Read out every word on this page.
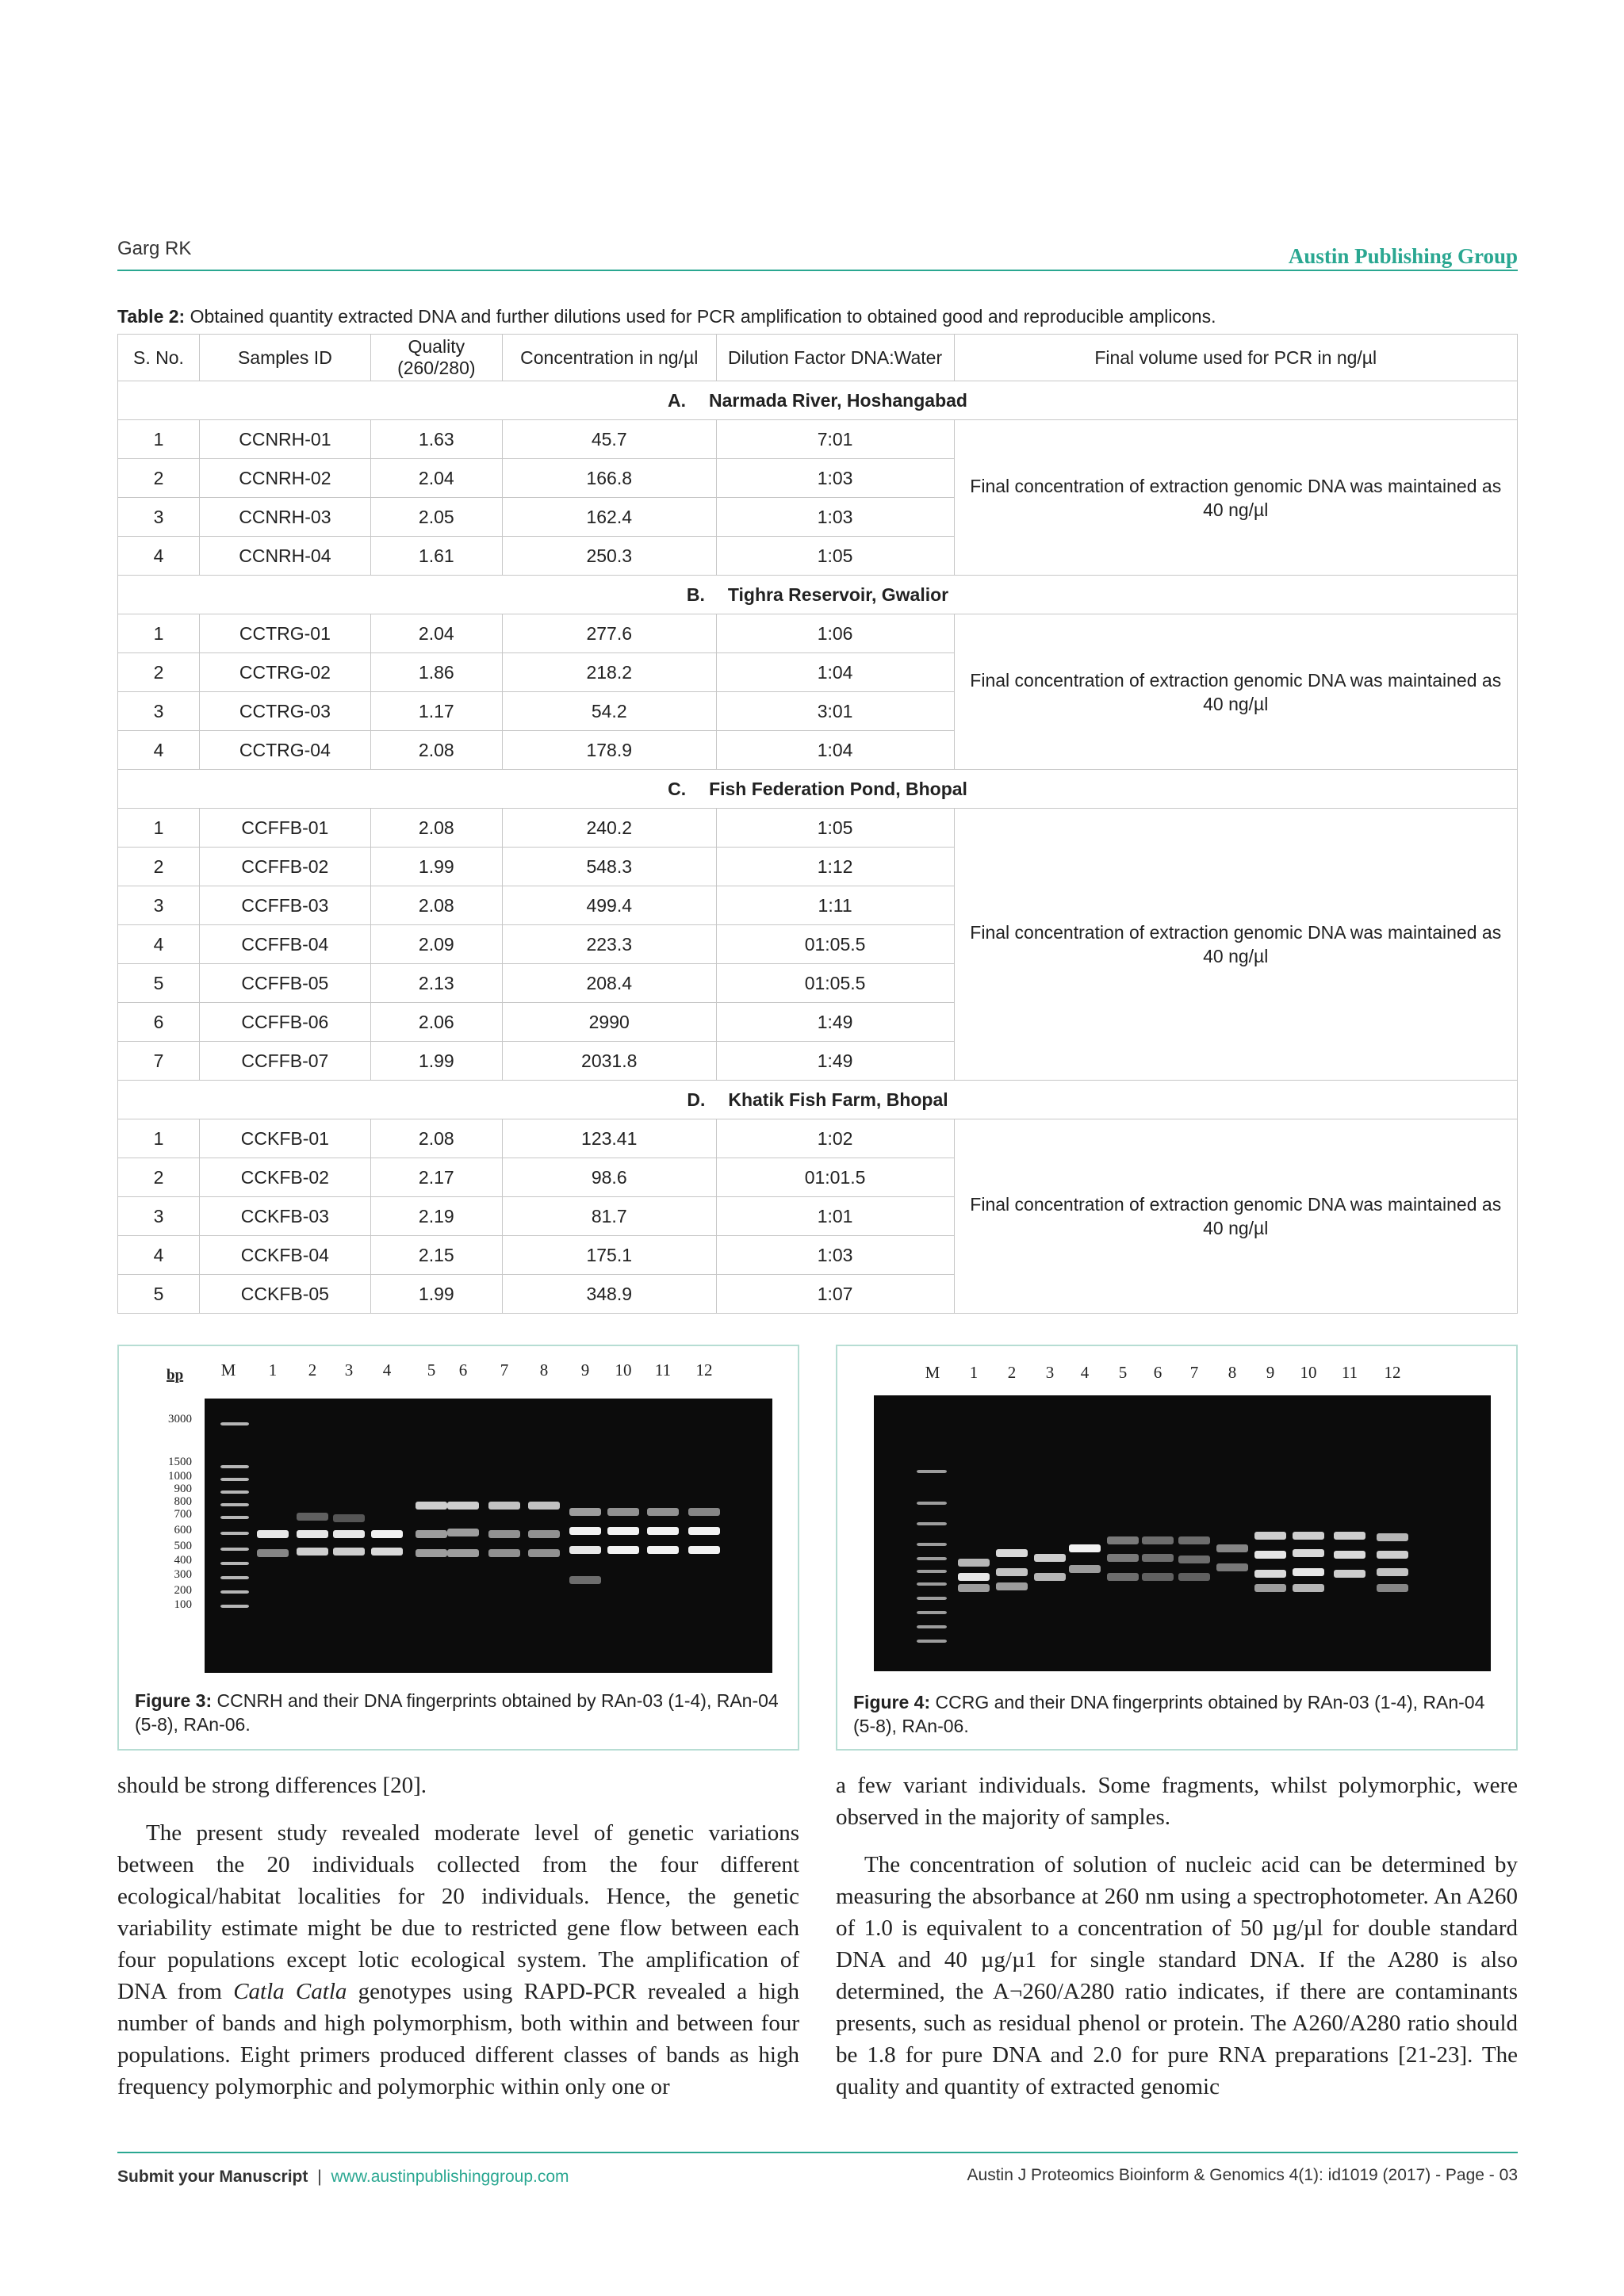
Garg RK	Austin Publishing Group
Table 2: Obtained quantity extracted DNA and further dilutions used for PCR amplification to obtained good and reproducible amplicons.
S. No.	Samples ID	Quality (260/280)	Concentration in ng/µl	Dilution Factor DNA:Water	Final volume used for PCR in ng/µl
A. Narmada River, Hoshangabad					
1	CCNRH-01	1.63	45.7	7:01	Final concentration of extraction genomic DNA was maintained as 40 ng/µl
2	CCNRH-02	2.04	166.8	1:03	
3	CCNRH-03	2.05	162.4	1:03	
4	CCNRH-04	1.61	250.3	1:05	
B. Tighra Reservoir, Gwalior					
1	CCTRG-01	2.04	277.6	1:06	Final concentration of extraction genomic DNA was maintained as 40 ng/µl
2	CCTRG-02	1.86	218.2	1:04	
3	CCTRG-03	1.17	54.2	3:01	
4	CCTRG-04	2.08	178.9	1:04	
C. Fish Federation Pond, Bhopal					
1	CCFFB-01	2.08	240.2	1:05	Final concentration of extraction genomic DNA was maintained as 40 ng/µl
2	CCFFB-02	1.99	548.3	1:12	
3	CCFFB-03	2.08	499.4	1:11	
4	CCFFB-04	2.09	223.3	01:05.5	
5	CCFFB-05	2.13	208.4	01:05.5	
6	CCFFB-06	2.06	2990	1:49	
7	CCFFB-07	1.99	2031.8	1:49	
D. Khatik Fish Farm, Bhopal					
1	CCKFB-01	2.08	123.41	1:02	Final concentration of extraction genomic DNA was maintained as 40 ng/µl
2	CCKFB-02	2.17	98.6	01:01.5	
3	CCKFB-03	2.19	81.7	1:01	
4	CCKFB-04	2.15	175.1	1:03	
5	CCKFB-05	1.99	348.9	1:07	
bp M 1 2 3 4 5 6 7 8 9 10 11 12
3000
1500
1000
900
800
700
600
500
400
300
200
100
Figure 3: CCNRH and their DNA fingerprints obtained by RAn-03 (1-4), RAn-04 (5-8), RAn-06.
M 1 2 3 4 5 6 7 8 9 10 11 12
Figure 4: CCRG and their DNA fingerprints obtained by RAn-03 (1-4), RAn-04 (5-8), RAn-06.

should be strong differences [20].

The present study revealed moderate level of genetic variations between the 20 individuals collected from the four different ecological/habitat localities for 20 individuals. Hence, the genetic variability estimate might be due to restricted gene flow between each four populations except lotic ecological system. The amplification of DNA from Catla Catla genotypes using RAPD-PCR revealed a high number of bands and high polymorphism, both within and between four populations. Eight primers produced different classes of bands as high frequency polymorphic and polymorphic within only one or

a few variant individuals. Some fragments, whilst polymorphic, were observed in the majority of samples.

The concentration of solution of nucleic acid can be determined by measuring the absorbance at 260 nm using a spectrophotometer. An A260 of 1.0 is equivalent to a concentration of 50 µg/µl for double standard DNA and 40 µg/µ1 for single standard DNA. If the A280 is also determined, the A¬260/A280 ratio indicates, if there are contaminants presents, such as residual phenol or protein. The A260/A280 ratio should be 1.8 for pure DNA and 2.0 for pure RNA preparations [21-23]. The quality and quantity of extracted genomic

Submit your Manuscript | www.austinpublishinggroup.com	Austin J Proteomics Bioinform & Genomics 4(1): id1019 (2017) - Page - 03
